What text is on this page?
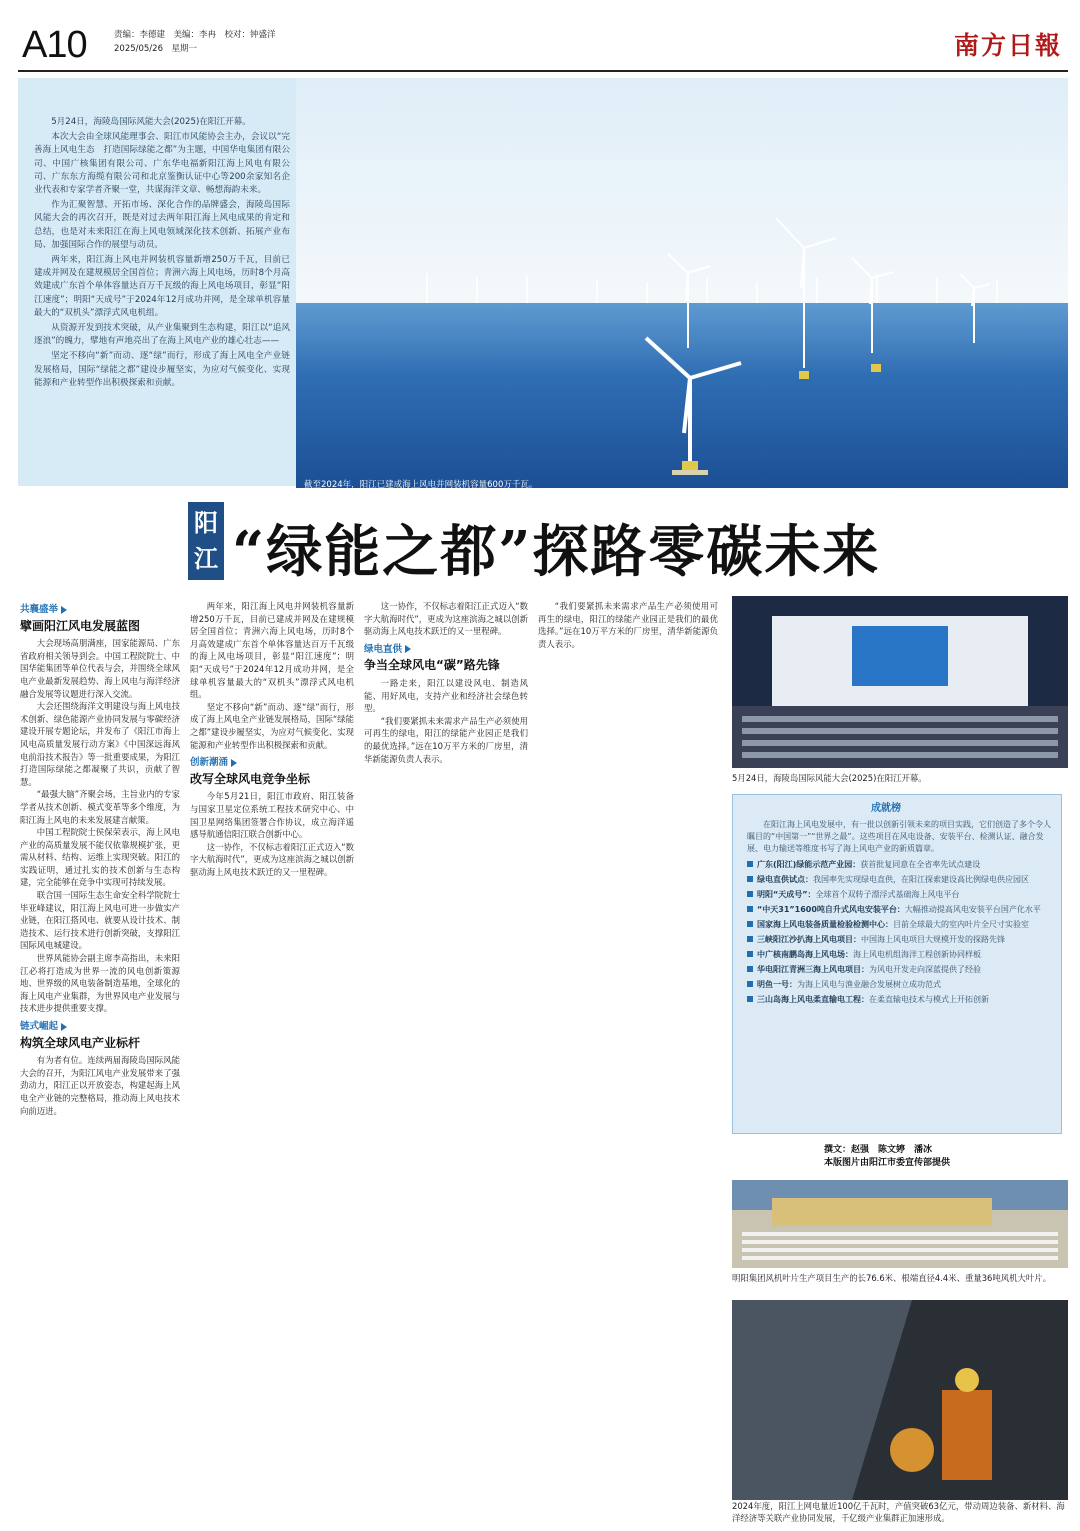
A10	责编：李德建　美编：李冉　校对：钟盛洋
2025/05/26　星期一	南方日報

5月24日，海陵岛国际风能大会(2025)在阳江开幕。

本次大会由全球风能理事会、阳江市风能协会主办，会议以“完善海上风电生态　打造国际绿能之都”为主题，中国华电集团有限公司、中国广核集团有限公司、广东华电福新阳江海上风电有限公司、广东东方海缆有限公司和北京鉴衡认证中心等200余家知名企业代表和专家学者齐聚一堂，共谋海洋文章、畅想海韵未来。

作为汇聚智慧、开拓市场、深化合作的品牌盛会，海陵岛国际风能大会的再次召开，既是对过去两年阳江海上风电成果的肯定和总结，也是对未来阳江在海上风电领域深化技术创新、拓展产业布局、加强国际合作的展望与动员。

两年来，阳江海上风电并网装机容量新增250万千瓦，目前已建成并网及在建规模居全国首位；青洲六海上风电场，历时8个月高效建成广东首个单体容量达百万千瓦级的海上风电场项目，彰显“阳江速度”；明阳“天成号”于2024年12月成功并网，是全球单机容量最大的“双机头”漂浮式风电机组。

从资源开发到技术突破，从产业集聚到生态构建，阳江以“追风逐浪”的魄力，擘地有声地亮出了在海上风电产业的雄心壮志——

坚定不移向“新”而动、逐“绿”而行，形成了海上风电全产业链发展格局，国际“绿能之都”建设步履坚实，为应对气候变化、实现能源和产业转型作出积极探索和贡献。

截至2024年，阳江已建成海上风电并网装机容量600万千瓦。
阳江 “绿能之都”探路零碳未来
共襄盛举
擘画阳江风电发展蓝图

大会现场高朋满座，国家能源局、广东省政府相关领导到会。中国工程院院士、中国华能集团等单位代表与会，并围绕全球风电产业最新发展趋势、海上风电与海洋经济融合发展等议题进行深入交流。

大会还围绕海洋文明建设与海上风电技术创新、绿色能源产业协同发展与零碳经济建设开展专题论坛，并发布了《阳江市海上风电高质量发展行动方案》《中国深远海风电前沿技术报告》等一批重要成果，为阳江打造国际绿能之都凝聚了共识，贡献了智慧。

“最强大脑”齐聚会场，主旨业内的专家学者从技术创新、模式变革等多个维度，为阳江海上风电的未来发展建言献策。

中国工程院院士侯保荣表示，海上风电产业的高质量发展不能仅依靠规模扩张，更需从材料、结构、运维上实现突破。阳江的实践证明，通过扎实的技术创新与生态构建，完全能够在竞争中实现可持续发展。

联合国一国际生态生命安全科学院院士毕亚峰建议，阳江海上风电可进一步做实产业链，在阳江搭风电、就要从设计技术、制造技术、运行技术进行创新突破，支撑阳江国际风电城建设。

世界风能协会副主席李高指出，未来阳江必将打造成为世界一流的风电创新策源地、世界级的风电装备制造基地，全球化的海上风电产业集群，为世界风电产业发展与技术进步提供重要支撑。

链式崛起
构筑全球风电产业标杆

有为者有位。连续两届海陵岛国际风能大会的召开，为阳江风电产业发展带来了强劲动力，阳江正以开放姿态，构建起海上风电全产业链的完整格局，推动海上风电技术向前迈进。

两年来，阳江海上风电并网装机容量新增250万千瓦，目前已建成并网及在建规模居全国首位；青洲六海上风电场，历时8个月高效建成广东首个单体容量达百万千瓦级的海上风电场项目，彰显“阳江速度”；明阳“天成号”于2024年12月成功并网，是全球单机容量最大的“双机头”漂浮式风电机组。

坚定不移向“新”而动、逐“绿”而行，形成了海上风电全产业链发展格局，国际“绿能之都”建设步履坚实，为应对气候变化、实现能源和产业转型作出积极探索和贡献。

创新潮涌
改写全球风电竞争坐标

今年5月21日，阳江市政府、阳江装备与国家卫星定位系统工程技术研究中心、中国卫星网络集团签署合作协议，成立海洋遥感导航通信阳江联合创新中心。

这一协作，不仅标志着阳江正式迈入“数字大航海时代”，更成为这座滨海之城以创新驱动海上风电技术跃迁的又一里程碑。

这一协作，不仅标志着阳江正式迈入“数字大航海时代”，更成为这座滨海之城以创新驱动海上风电技术跃迁的又一里程碑。

绿电直供
争当全球风电“碳”路先锋

一路走来，阳江以建设风电、制造风能、用好风电，支持产业和经济社会绿色转型。

“我们要紧抓未来需求产品生产必须使用可再生的绿电，阳江的绿能产业园正是我们的最优选择。”远在10万平方米的厂房里，清华新能源负责人表示。

“我们要紧抓未来需求产品生产必须使用可再生的绿电，阳江的绿能产业园正是我们的最优选择。”远在10万平方米的厂房里，清华新能源负责人表示。

5月24日，海陵岛国际风能大会(2025)在阳江开幕。
成就榜
在阳江海上风电发展中，有一批以创新引领未来的项目实践，它们创造了多个令人瞩目的“中国第一”“世界之最”。这些项目在风电设备、安装平台、检测认证、融合发展、电力输送等维度书写了海上风电产业的新质篇章。
广东(阳江)绿能示范产业园：获首批复同意在全省率先试点建设
绿电直供试点：我国率先实现绿电直供，在阳江探索建设高比例绿电供应园区
明阳“天成号”：全球首个双转子漂浮式基础海上风电平台
“中天31”1600吨自升式风电安装平台：大幅推动提高风电安装平台国产化水平
国家海上风电装备质量检验检测中心：目前全球最大的室内叶片全尺寸实验室
三峡阳江沙扒海上风电项目：中国海上风电项目大规模开发的探路先锋
中广核南鹏岛海上风电场：海上风电机组海洋工程创新协同样板
华电阳江青洲三海上风电项目：为风电开发走向深蓝提供了经验
明鱼一号：为海上风电与渔业融合发展树立成功范式
三山岛海上风电柔直输电工程：在柔直输电技术与模式上开拓创新
撰文：赵强　陈文婷　潘冰
本版图片由阳江市委宣传部提供
明阳集团风机叶片生产项目生产的长76.6米、根端直径4.4米、重量36吨风机大叶片。
2024年度，阳江上网电量近100亿千瓦时，产值突破63亿元，带动周边装备、新材料、海洋经济等关联产业协同发展，千亿级产业集群正加速形成。
